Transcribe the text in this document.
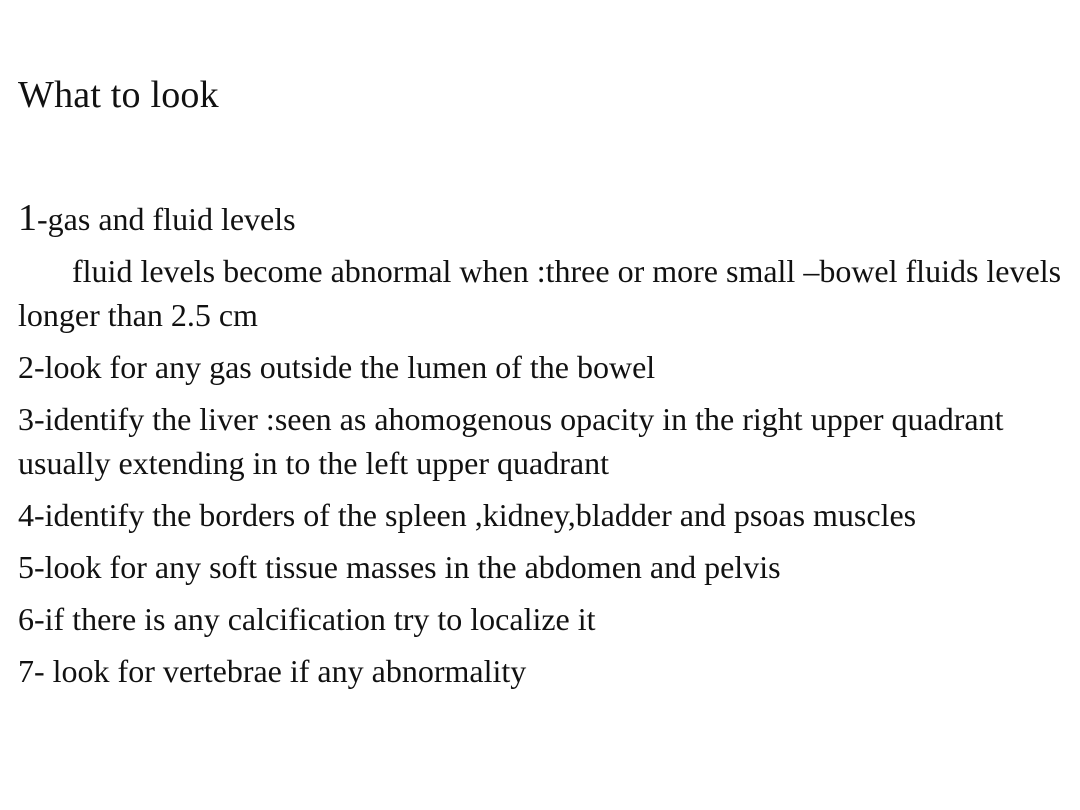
What to look

1-gas and fluid levels

fluid levels become abnormal when :three or more small –bowel fluids levels longer than 2.5 cm

2-look for any gas outside the lumen of the bowel

3-identify the liver :seen as ahomogenous opacity in the right upper quadrant usually extending in to the left upper quadrant

4-identify the borders of the spleen ,kidney,bladder and psoas muscles

5-look for any soft tissue masses in the abdomen and pelvis

6-if there is any calcification try to localize it

7- look for vertebrae if any abnormality
